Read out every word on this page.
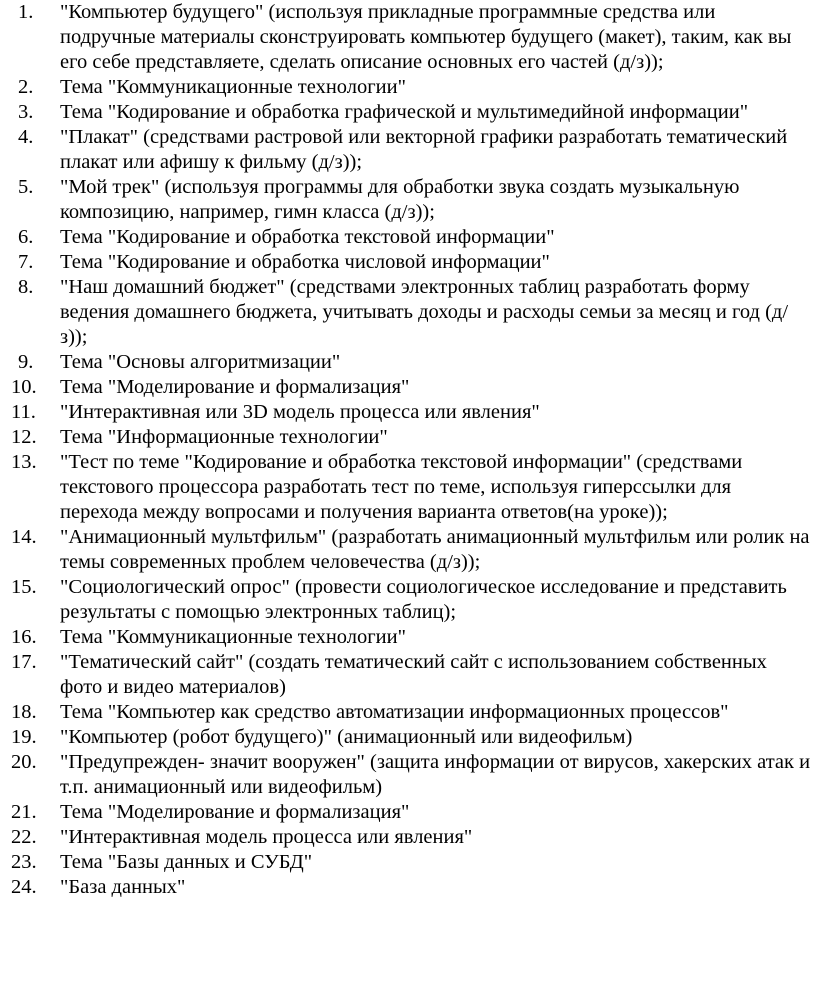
1. "Компьютер будущего" (используя прикладные программные средства или подручные материалы сконструировать компьютер будущего (макет), таким, как вы его себе представляете, сделать описание основных его частей (д/з));
2. Тема "Коммуникационные технологии"
3. Тема "Кодирование и обработка графической и мультимедийной информации"
4. "Плакат" (средствами растровой или векторной графики разработать тематический плакат или афишу к фильму (д/з));
5. "Мой трек" (используя программы для обработки звука создать музыкальную композицию, например, гимн класса (д/з));
6. Тема "Кодирование и обработка текстовой информации"
7. Тема "Кодирование и обработка числовой информации"
8. "Наш домашний бюджет" (средствами электронных таблиц разработать форму ведения домашнего бюджета, учитывать доходы и расходы семьи за месяц и год (д/з));
9. Тема "Основы алгоритмизации"
10. Тема "Моделирование и формализация"
11. "Интерактивная или 3D модель процесса или явления"
12. Тема "Информационные технологии"
13. "Тест по теме "Кодирование и обработка текстовой информации" (средствами текстового процессора разработать тест по теме, используя гиперссылки для перехода между вопросами и получения варианта ответов(на уроке));
14. "Анимационный мультфильм" (разработать анимационный мультфильм или ролик на темы современных проблем человечества (д/з));
15. "Социологический опрос" (провести социологическое исследование и представить результаты с помощью электронных таблиц);
16. Тема "Коммуникационные технологии"
17. "Тематический сайт" (создать тематический сайт с использованием собственных фото и видео материалов)
18. Тема "Компьютер как средство автоматизации информационных процессов"
19. "Компьютер (робот будущего)" (анимационный или видеофильм)
20. "Предупрежден- значит вооружен" (защита информации от вирусов, хакерских атак и т.п. анимационный или видеофильм)
21. Тема "Моделирование и формализация"
22. "Интерактивная модель процесса или явления"
23. Тема "Базы данных и СУБД"
24. "База данных"
